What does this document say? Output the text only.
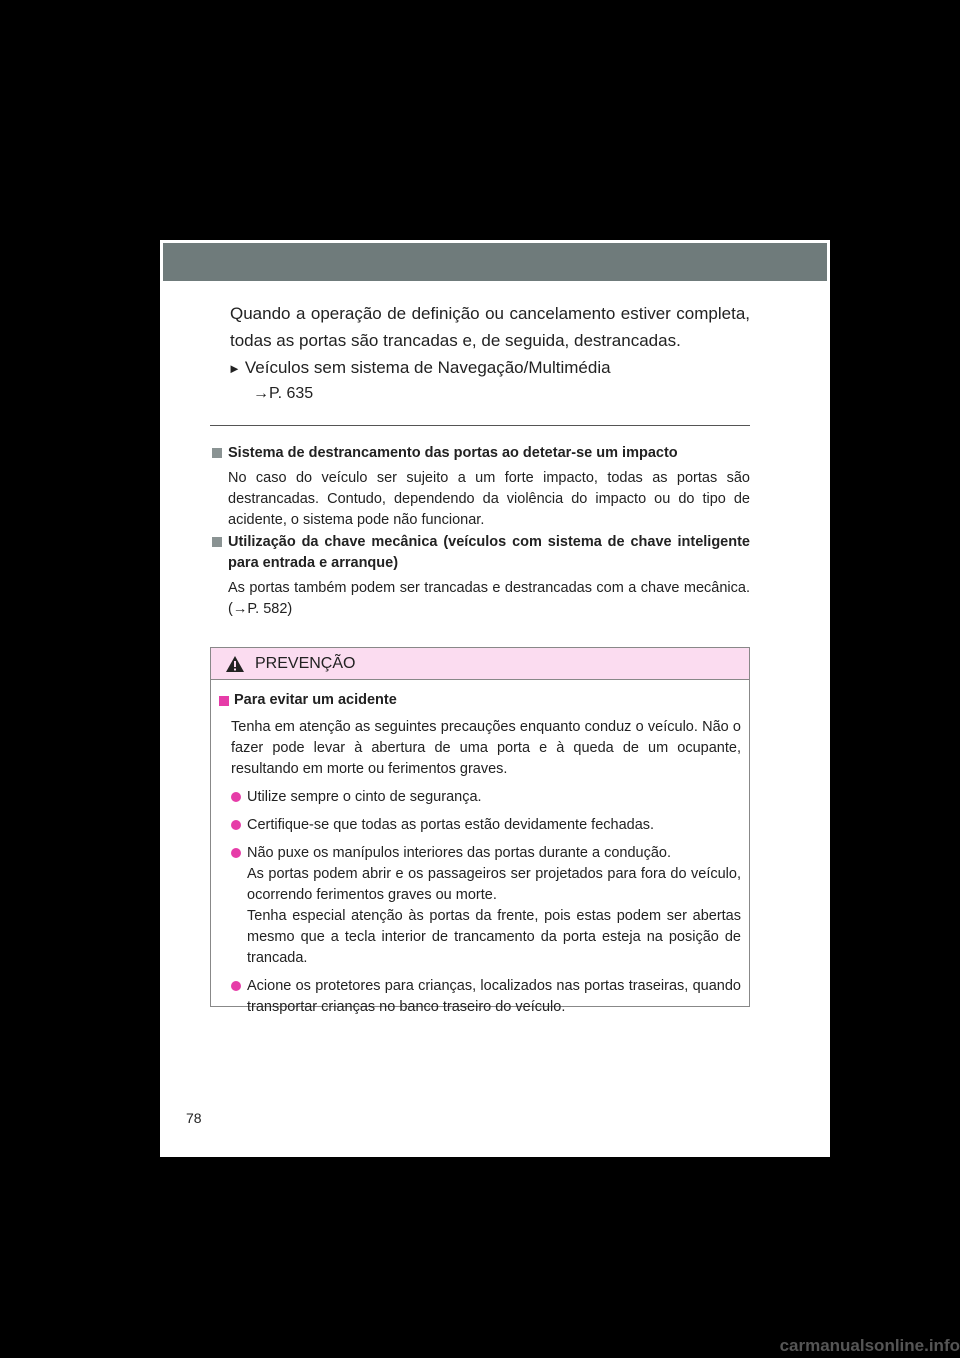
Quando a operação de definição ou cancelamento estiver completa, todas as portas são trancadas e, de seguida, destrancadas.
► Veículos sem sistema de Navegação/Multimédia
→P. 635
Sistema de destrancamento das portas ao detetar-se um impacto
No caso do veículo ser sujeito a um forte impacto, todas as portas são destrancadas. Contudo, dependendo da violência do impacto ou do tipo de acidente, o sistema pode não funcionar.
Utilização da chave mecânica (veículos com sistema de chave inteligente para entrada e arranque)
As portas também podem ser trancadas e destrancadas com a chave mecânica. (→P. 582)
PREVENÇÃO
Para evitar um acidente
Tenha em atenção as seguintes precauções enquanto conduz o veículo. Não o fazer pode levar à abertura de uma porta e à queda de um ocupante, resultando em morte ou ferimentos graves.
Utilize sempre o cinto de segurança.
Certifique-se que todas as portas estão devidamente fechadas.
Não puxe os manípulos interiores das portas durante a condução.
As portas podem abrir e os passageiros ser projetados para fora do veículo, ocorrendo ferimentos graves ou morte.
Tenha especial atenção às portas da frente, pois estas podem ser abertas mesmo que a tecla interior de trancamento da porta esteja na posição de trancada.
Acione os protetores para crianças, localizados nas portas traseiras, quando transportar crianças no banco traseiro do veículo.
78
carmanualsonline.info
